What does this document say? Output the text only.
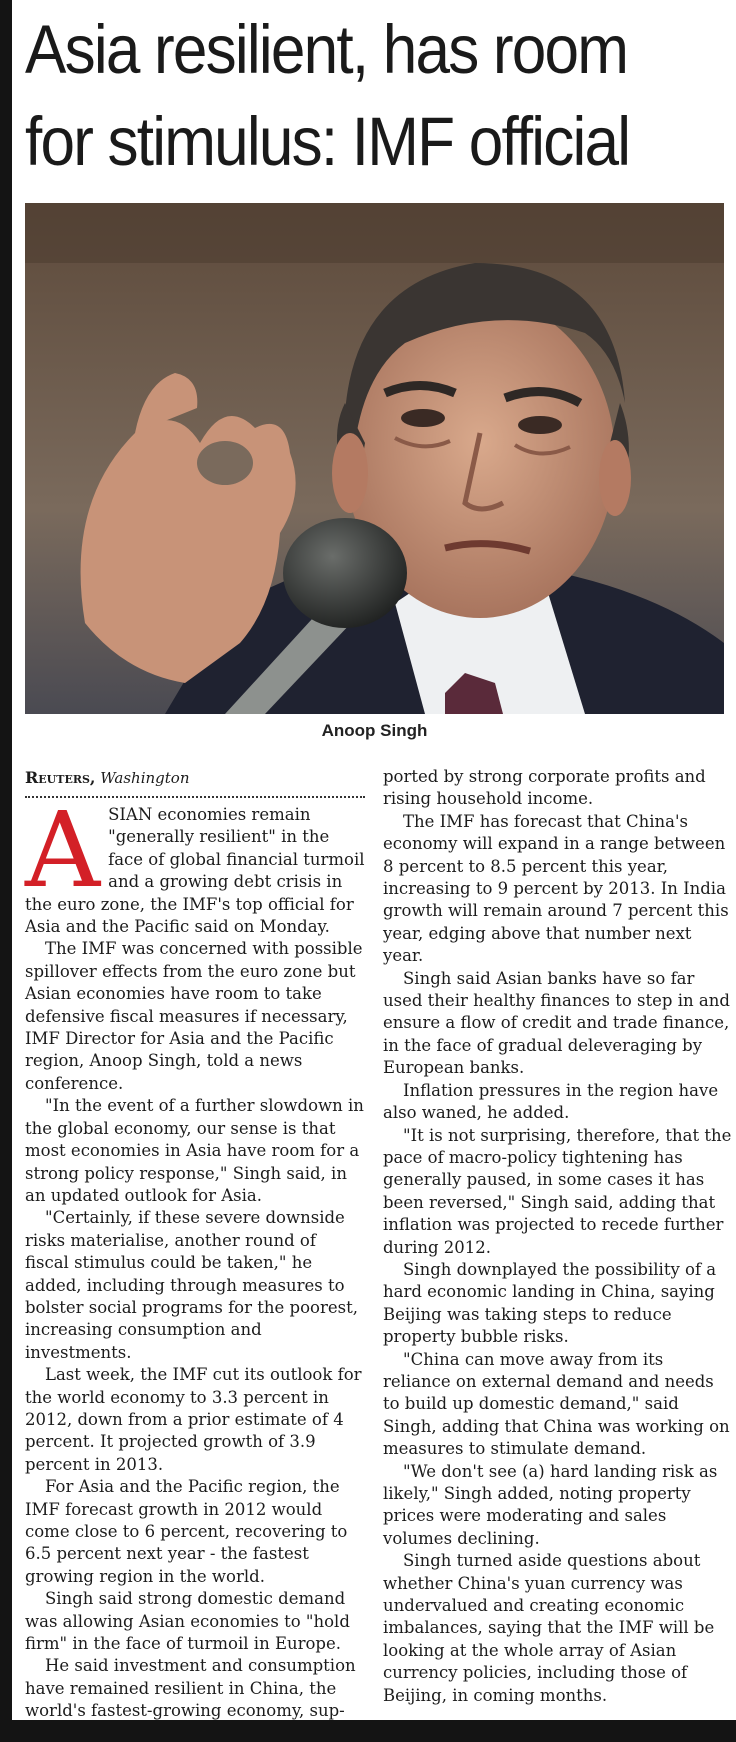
Asia resilient, has room
for stimulus: IMF official
Anoop Singh
Reuters, Washington

ASIAN economies remain "generally resilient" in the face of global financial turmoil and a growing debt crisis in the euro zone, the IMF's top official for Asia and the Pacific said on Monday.

The IMF was concerned with possible spillover effects from the euro zone but Asian economies have room to take defensive fiscal measures if necessary, IMF Director for Asia and the Pacific region, Anoop Singh, told a news conference.

"In the event of a further slowdown in the global economy, our sense is that most economies in Asia have room for a strong policy response," Singh said, in an updated outlook for Asia.

"Certainly, if these severe downside risks materialise, another round of fiscal stimulus could be taken," he added, including through measures to bolster social programs for the poorest, increasing consumption and investments.

Last week, the IMF cut its outlook for the world economy to 3.3 percent in 2012, down from a prior estimate of 4 percent. It projected growth of 3.9 percent in 2013.

For Asia and the Pacific region, the IMF forecast growth in 2012 would come close to 6 percent, recovering to 6.5 percent next year - the fastest growing region in the world.

Singh said strong domestic demand was allowing Asian economies to "hold firm" in the face of turmoil in Europe.

He said investment and consumption have remained resilient in China, the world's fastest-growing economy, sup-

ported by strong corporate profits and rising household income.

The IMF has forecast that China's economy will expand in a range between 8 percent to 8.5 percent this year, increasing to 9 percent by 2013. In India growth will remain around 7 percent this year, edging above that number next year.

Singh said Asian banks have so far used their healthy finances to step in and ensure a flow of credit and trade finance, in the face of gradual deleveraging by European banks.

Inflation pressures in the region have also waned, he added.

"It is not surprising, therefore, that the pace of macro-policy tightening has generally paused, in some cases it has been reversed," Singh said, adding that inflation was projected to recede further during 2012.

Singh downplayed the possibility of a hard economic landing in China, saying Beijing was taking steps to reduce property bubble risks.

"China can move away from its reliance on external demand and needs to build up domestic demand," said Singh, adding that China was working on measures to stimulate demand.

"We don't see (a) hard landing risk as likely," Singh added, noting property prices were moderating and sales volumes declining.

Singh turned aside questions about whether China's yuan currency was undervalued and creating economic imbalances, saying that the IMF will be looking at the whole array of Asian currency policies, including those of Beijing, in coming months.
